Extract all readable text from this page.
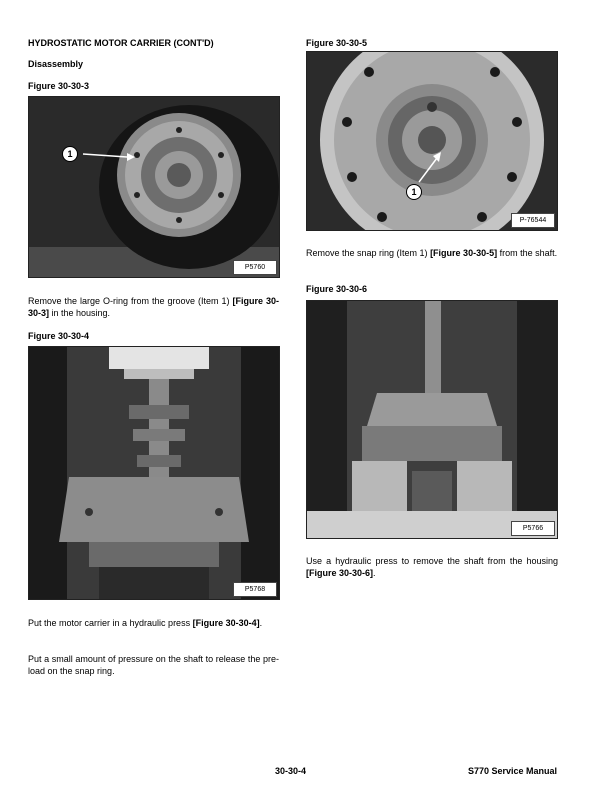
HYDROSTATIC MOTOR CARRIER (CONT'D)

Disassembly

Figure 30-30-3

1
P5760

Remove the large O-ring from the groove (Item 1) [Figure 30-30-3] in the housing.

Figure 30-30-4

P5768

Put the motor carrier in a hydraulic press [Figure 30-30-4].

Put a small amount of pressure on the shaft to release the pre-load on the snap ring.

Figure 30-30-5

1
P-76544

Remove the snap ring (Item 1) [Figure 30-30-5] from the shaft.

Figure 30-30-6

P5766

Use a hydraulic press to remove the shaft from the housing [Figure 30-30-6].

30-30-4	S770 Service Manual
